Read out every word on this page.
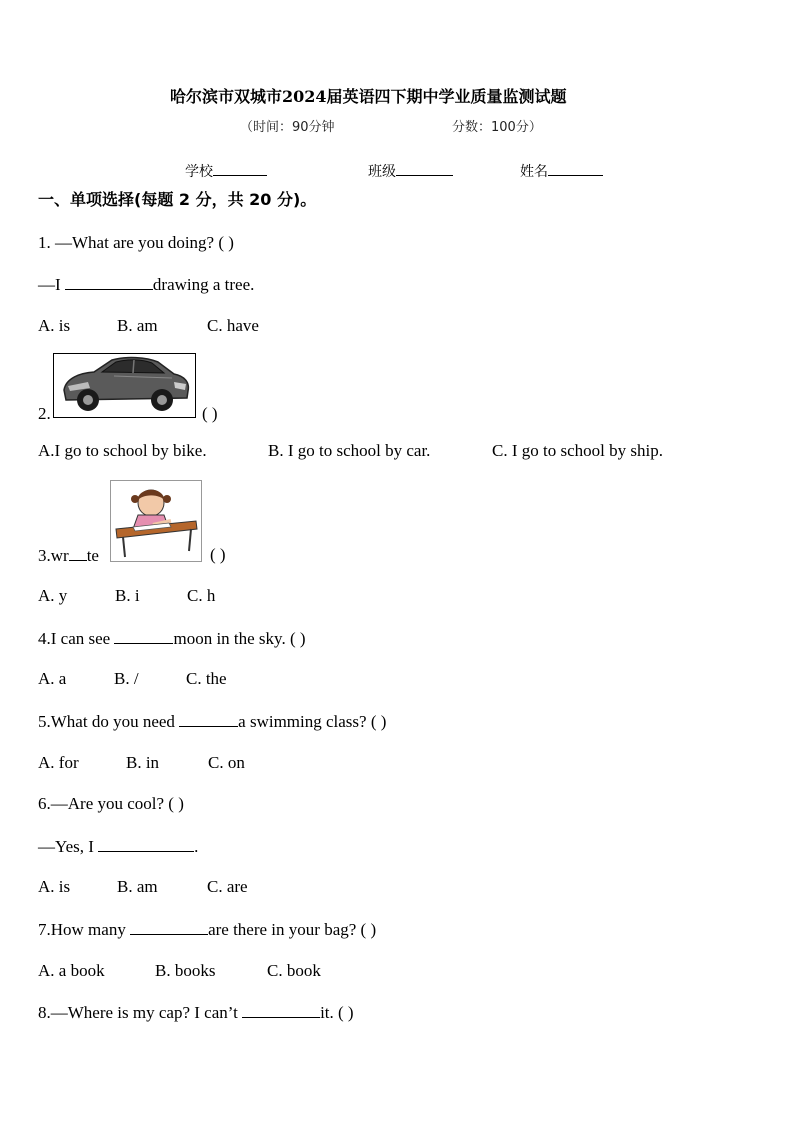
哈尔滨市双城市2024届英语四下期中学业质量监测试题
（时间：90分钟	分数：100分）
学校	班级	姓名
一、单项选择(每题 2 分，共 20 分)。
1. —What are you doing? ( )
—I	drawing a tree.
A. is	B. am	C. have
2.	( )
A.I go to school by bike.	B. I go to school by car.	C. I go to school by ship.
3.wr te	( )
A. y	B. i	C. h
4.I can see	moon in the sky. ( )
A. a	B. /	C. the
5.What do you need	a swimming class? ( )
A. for	B. in	C. on
6.—Are you cool? ( )
—Yes, I	.
A. is	B. am	C. are
7.How many	are there in your bag? ( )
A. a book	B. books	C. book
8.—Where is my cap? I can’t	it. ( )
